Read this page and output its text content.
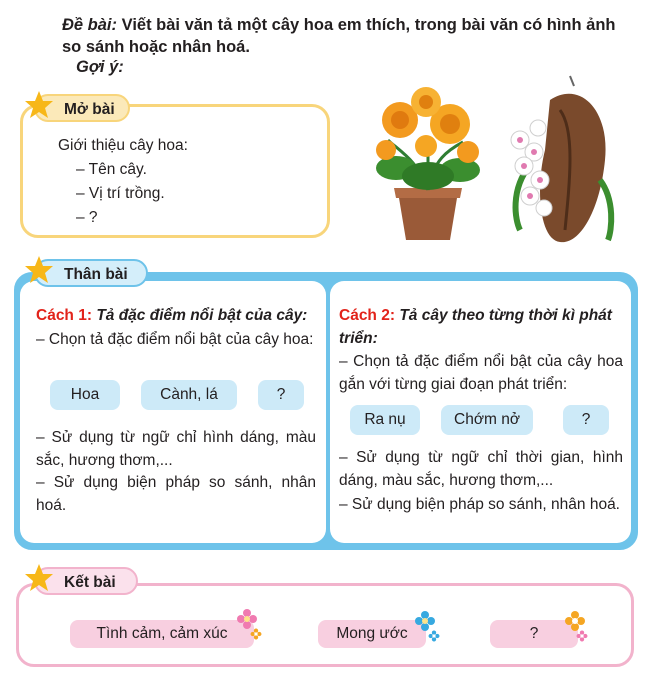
Đề bài: Viết bài văn tả một cây hoa em thích, trong bài văn có hình ảnh so sánh hoặc nhân hoá.
Gợi ý:
Mở bài
Giới thiệu cây hoa:
– Tên cây.
– Vị trí trồng.
– ?
Thân bài
Cách 1: Tả đặc điểm nổi bật của cây:
– Chọn tả đặc điểm nổi bật của cây hoa:
Hoa	Cành, lá	?
– Sử dụng từ ngữ chỉ hình dáng, màu sắc, hương thơm,...
– Sử dụng biện pháp so sánh, nhân hoá.
Cách 2: Tả cây theo từng thời kì phát triển:
– Chọn tả đặc điểm nổi bật của cây hoa gắn với từng giai đoạn phát triển:
Ra nụ	Chớm nở	?
– Sử dụng từ ngữ chỉ thời gian, hình dáng, màu sắc, hương thơm,...
– Sử dụng biện pháp so sánh, nhân hoá.
Kết bài
Tình cảm, cảm xúc	Mong ước	?
